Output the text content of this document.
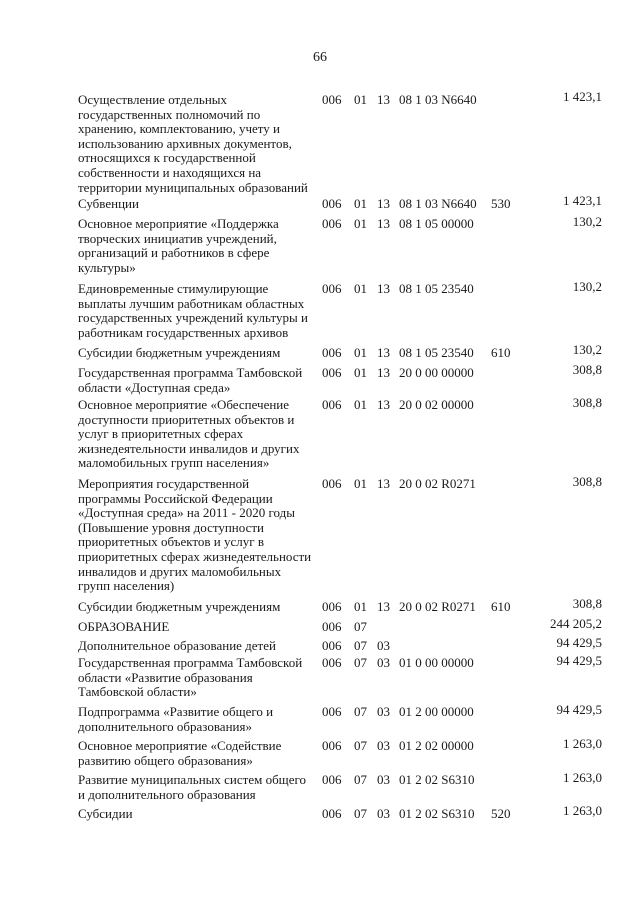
66
Осуществление отдельных
государственных полномочий по
хранению, комплектованию, учету и
использованию архивных документов,
относящихся к государственной
собственности и находящихся на
территории муниципальных образований
006 01 13 08 1 03 N6640	1 423,1
Субвенции	006 01 13 08 1 03 N6640 530	1 423,1
Основное мероприятие «Поддержка
творческих инициатив учреждений,
организаций и работников в сфере
культуры»
006 01 13 08 1 05 00000	130,2
Единовременные стимулирующие
выплаты лучшим работникам областных
государственных учреждений культуры и
работникам государственных архивов
006 01 13 08 1 05 23540	130,2
Субсидии бюджетным учреждениям	006 01 13 08 1 05 23540 610	130,2
Государственная программа Тамбовской
области «Доступная среда»
006 01 13 20 0 00 00000	308,8
Основное мероприятие «Обеспечение
доступности приоритетных объектов и
услуг в приоритетных сферах
жизнедеятельности инвалидов и других
маломобильных групп населения»
006 01 13 20 0 02 00000	308,8
Мероприятия государственной
программы Российской Федерации
«Доступная среда» на 2011 - 2020 годы
(Повышение уровня доступности
приоритетных объектов и услуг в
приоритетных сферах жизнедеятельности
инвалидов и других маломобильных
групп населения)
006 01 13 20 0 02 R0271	308,8
Субсидии бюджетным учреждениям	006 01 13 20 0 02 R0271 610	308,8
ОБРАЗОВАНИЕ	006 07	244 205,2
Дополнительное образование детей	006 07 03	94 429,5
Государственная программа Тамбовской
области «Развитие образования
Тамбовской области»
006 07 03 01 0 00 00000	94 429,5
Подпрограмма «Развитие общего и
дополнительного образования»
006 07 03 01 2 00 00000	94 429,5
Основное мероприятие «Содействие
развитию общего образования»
006 07 03 01 2 02 00000	1 263,0
Развитие муниципальных систем общего
и дополнительного образования
006 07 03 01 2 02 S6310	1 263,0
Субсидии	006 07 03 01 2 02 S6310 520	1 263,0
